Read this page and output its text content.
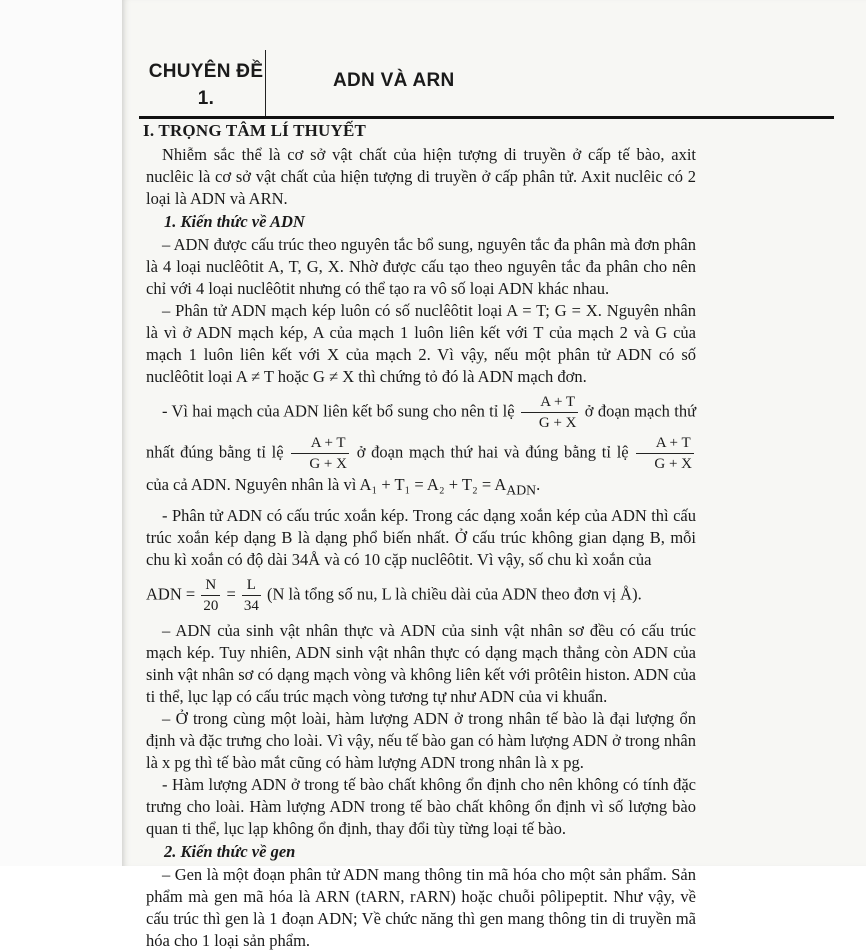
CHUYÊN ĐỀ
1.
ADN VÀ ARN
I. TRỌNG TÂM LÍ THUYẾT

Nhiễm sắc thể là cơ sở vật chất của hiện tượng di truyền ở cấp tế bào, axit nuclêic là cơ sở vật chất của hiện tượng di truyền ở cấp phân tử. Axit nuclêic có 2 loại là ADN và ARN.

1. Kiến thức về ADN

– ADN được cấu trúc theo nguyên tắc bổ sung, nguyên tắc đa phân mà đơn phân là 4 loại nuclêôtit A, T, G, X. Nhờ được cấu tạo theo nguyên tắc đa phân cho nên chỉ với 4 loại nuclêôtit nhưng có thể tạo ra vô số loại ADN khác nhau.

– Phân tử ADN mạch kép luôn có số nuclêôtit loại A = T; G = X. Nguyên nhân là vì ở ADN mạch kép, A của mạch 1 luôn liên kết với T của mạch 2 và G của mạch 1 luôn liên kết với X của mạch 2. Vì vậy, nếu một phân tử ADN có số nuclêôtit loại A ≠ T hoặc G ≠ X thì chứng tỏ đó là ADN mạch đơn.

- Vì hai mạch của ADN liên kết bổ sung cho nên tỉ lệ $\frac{A + T}{G + X}$ ở đoạn mạch thứ nhất đúng bằng tỉ lệ $\frac{A + T}{G + X}$ ở đoạn mạch thứ hai và đúng bằng tỉ lệ $\frac{A + T}{G + X}$
của cả ADN. Nguyên nhân là vì $A_1 + T_1 = A_2 + T_2 = A_{ADN}$.

- Phân tử ADN có cấu trúc xoắn kép. Trong các dạng xoắn kép của ADN thì cấu trúc xoắn kép dạng B là dạng phổ biến nhất. Ở cấu trúc không gian dạng B, mỗi chu kì xoắn có độ dài 34Å và có 10 cặp nuclêôtit. Vì vậy, số chu kì xoắn của

ADN = $\frac{N}{20} = \frac{L}{34} (N$ là tổng số nu, L là chiều dài của ADN theo đơn vị Å).

– ADN của sinh vật nhân thực và ADN của sinh vật nhân sơ đều có cấu trúc mạch kép. Tuy nhiên, ADN sinh vật nhân thực có dạng mạch thẳng còn ADN của sinh vật nhân sơ có dạng mạch vòng và không liên kết với prôtêin histon. ADN của ti thể, lục lạp có cấu trúc mạch vòng tương tự như ADN của vi khuẩn.

– Ở trong cùng một loài, hàm lượng ADN ở trong nhân tế bào là đại lượng ổn định và đặc trưng cho loài. Vì vậy, nếu tế bào gan có hàm lượng ADN ở trong nhân là x pg thì tế bào mắt cũng có hàm lượng ADN trong nhân là x pg.

- Hàm lượng ADN ở trong tế bào chất không ổn định cho nên không có tính đặc trưng cho loài. Hàm lượng ADN trong tế bào chất không ổn định vì số lượng bào quan ti thể, lục lạp không ổn định, thay đổi tùy từng loại tế bào.

2. Kiến thức về gen

– Gen là một đoạn phân tử ADN mang thông tin mã hóa cho một sản phẩm. Sản phẩm mà gen mã hóa là ARN (tARN, rARN) hoặc chuỗi pôlipeptit. Như vậy, về cấu trúc thì gen là 1 đoạn ADN; Về chức năng thì gen mang thông tin di truyền mã hóa cho 1 loại sản phẩm.
